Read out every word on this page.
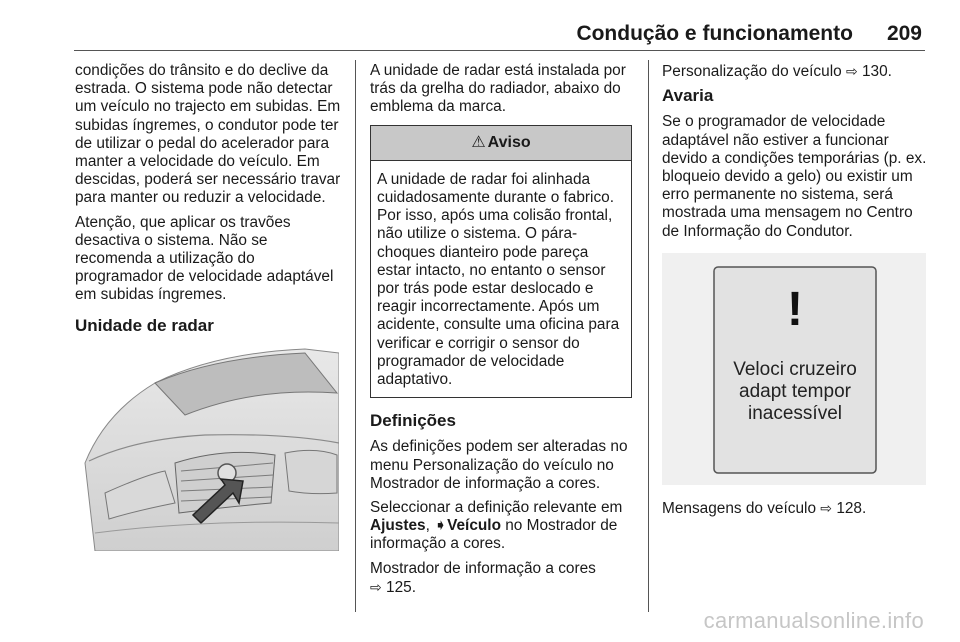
Condução e funcionamento 209

condições do trânsito e do declive da estrada. O sistema pode não detectar um veículo no trajecto em subidas. Em subidas íngremes, o condutor pode ter de utilizar o pedal do acelerador para manter a velocidade do veículo. Em descidas, poderá ser necessário travar para manter ou reduzir a velocidade.

Atenção, que aplicar os travões desactiva o sistema. Não se recomenda a utilização do programador de velocidade adaptável em subidas íngremes.

Unidade de radar

A unidade de radar está instalada por trás da grelha do radiador, abaixo do emblema da marca.

⚠ Aviso
A unidade de radar foi alinhada cuidadosamente durante o fabrico. Por isso, após uma colisão frontal, não utilize o sistema. O pára-choques dianteiro pode pareça estar intacto, no entanto o sensor por trás pode estar deslocado e reagir incorrectamente. Após um acidente, consulte uma oficina para verificar e corrigir o sensor do programador de velocidade adaptativo.
Definições

As definições podem ser alteradas no menu Personalização do veículo no Mostrador de informação a cores.

Seleccionar a definição relevante em Ajustes, ➧Veículo no Mostrador de informação a cores.

Mostrador de informação a cores
⇨ 125.

Personalização do veículo ⇨ 130.

Avaria

Se o programador de velocidade adaptável não estiver a funcionar devido a condições temporárias (p. ex. bloqueio devido a gelo) ou existir um erro permanente no sistema, será mostrada uma mensagem no Centro de Informação do Condutor.

!
Veloci cruzeiro
adapt tempor
inacessível

Mensagens do veículo ⇨ 128.

carmanualsonline.info
